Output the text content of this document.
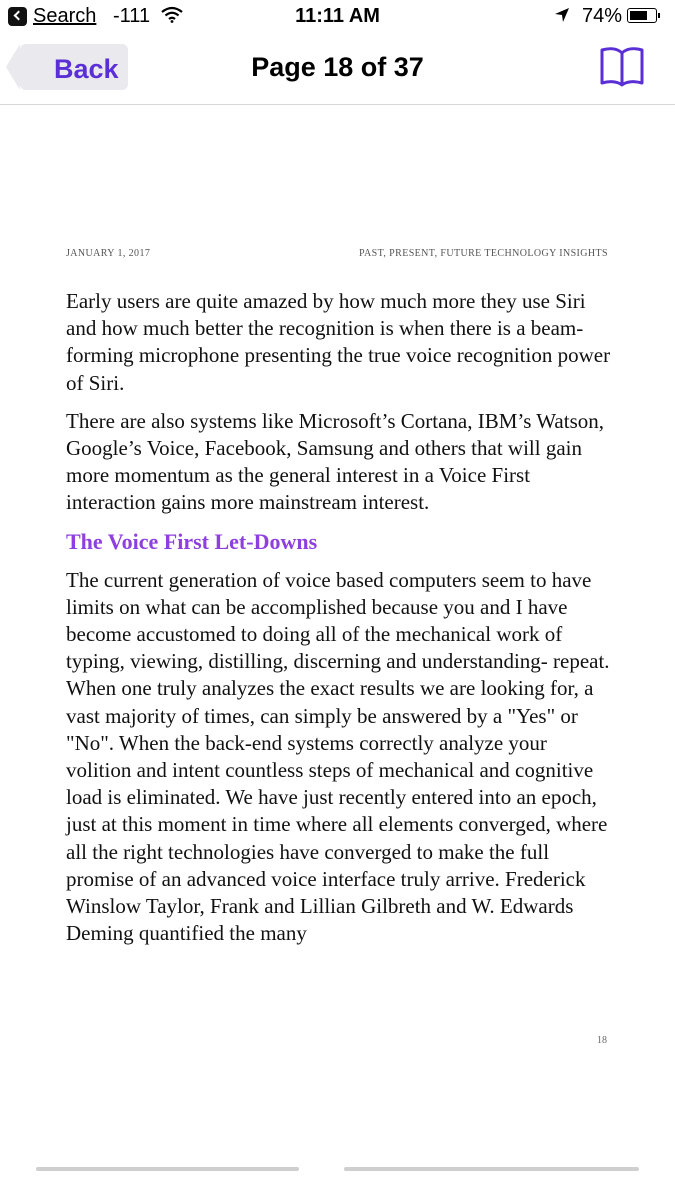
Search -111	11:11 AM	74%
Back	Page 18 of 37
JANUARY 1, 2017	PAST, PRESENT, FUTURE TECHNOLOGY INSIGHTS

Early users are quite amazed by how much more they use Siri and how much better the recognition is when there is a beam-forming microphone presenting the true voice recognition power of Siri.

There are also systems like Microsoft’s Cortana, IBM’s Watson, Google’s Voice, Facebook, Samsung and others that will gain more momentum as the general interest in a Voice First interaction gains more mainstream interest.

The Voice First Let-Downs

The current generation of voice based computers seem to have limits on what can be accomplished because you and I have become accustomed to doing all of the mechanical work of typing, viewing, distilling, discerning and understanding- repeat. When one truly analyzes the exact results we are looking for, a vast majority of times, can simply be answered by a "Yes" or "No". When the back-end systems correctly analyze your volition and intent countless steps of mechanical and cognitive load is eliminated. We have just recently entered into an epoch, just at this moment in time where all elements converged, where all the right technologies have converged to make the full promise of an advanced voice interface truly arrive. Frederick Winslow Taylor, Frank and Lillian Gilbreth and W. Edwards Deming quantified the many

18
